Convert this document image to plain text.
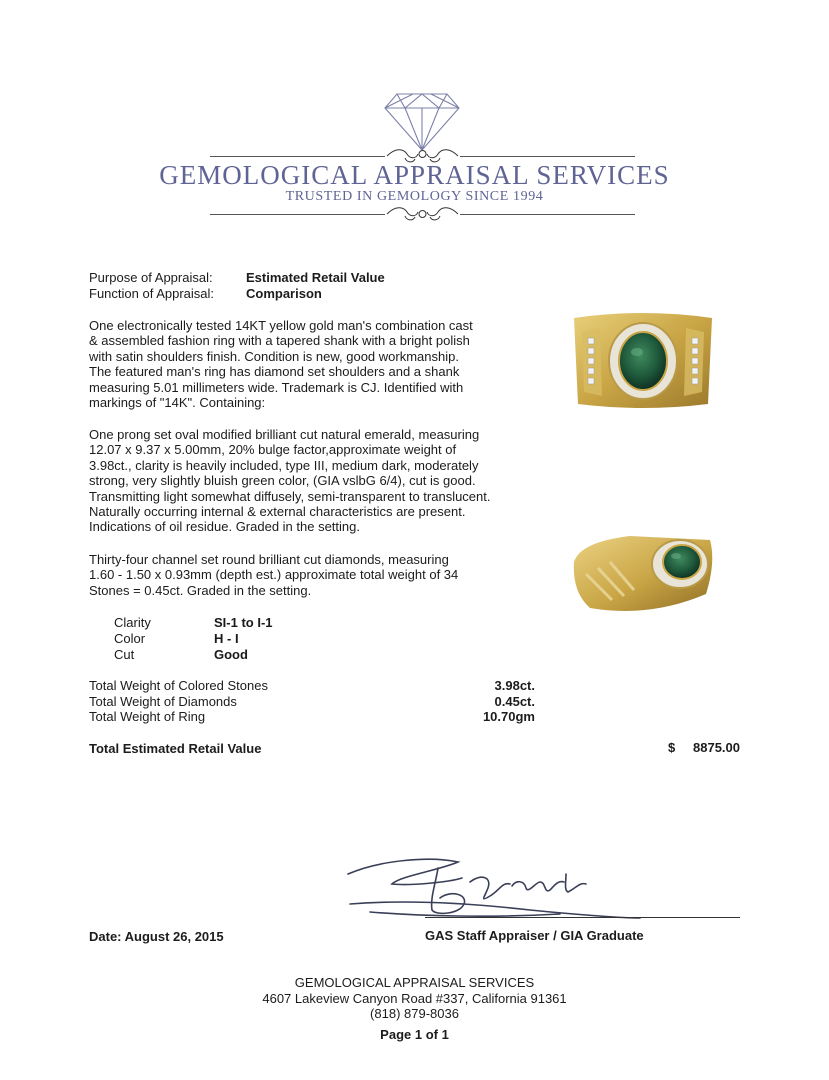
GEMOLOGICAL APPRAISAL SERVICES
TRUSTED IN GEMOLOGY SINCE 1994
Purpose of Appraisal:	Estimated Retail Value
Function of Appraisal: Comparison
One electronically tested 14KT yellow gold man's combination cast
& assembled fashion ring with a tapered shank with a bright polish
with satin shoulders finish. Condition is new, good workmanship.
The featured man's ring has diamond set shoulders and a shank
measuring 5.01 millimeters wide. Trademark is CJ. Identified with
markings of "14K". Containing:
One prong set oval modified brilliant cut natural emerald, measuring
12.07 x 9.37 x 5.00mm, 20% bulge factor,approximate weight of
3.98ct., clarity is heavily included, type III, medium dark, moderately
strong, very slightly bluish green color, (GIA vslbG 6/4), cut is good.
Transmitting light somewhat diffusely, semi-transparent to translucent.
Naturally occurring internal & external characteristics are present.
Indications of oil residue. Graded in the setting.
Thirty-four channel set round brilliant cut diamonds, measuring
1.60 - 1.50 x 0.93mm (depth est.) approximate total weight of 34
Stones = 0.45ct. Graded in the setting.
Clarity	SI-1 to I-1
Color	H - I
Cut	Good
Total Weight of Colored Stones	3.98ct.
Total Weight of Diamonds	0.45ct.
Total Weight of Ring	10.70gm
Total Estimated Retail Value	$	8875.00
Date: August 26, 2015	GAS Staff Appraiser / GIA Graduate
GEMOLOGICAL APPRAISAL SERVICES
4607 Lakeview Canyon Road #337, California 91361
(818) 879-8036
Page 1 of 1
